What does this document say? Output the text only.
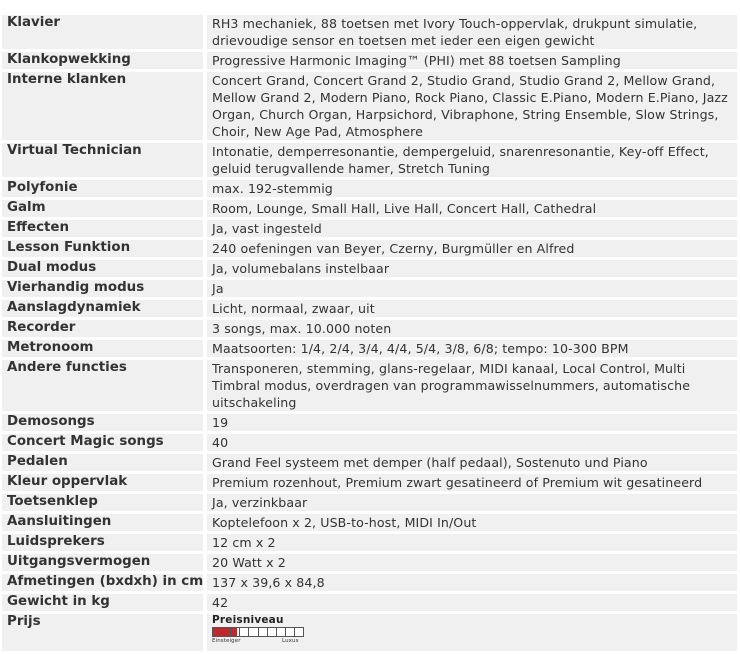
Klavier	RH3 mechaniek, 88 toetsen met Ivory Touch-oppervlak, drukpunt simulatie, drievoudige sensor en toetsen met ieder een eigen gewicht
Klankopwekking	Progressive Harmonic Imaging™ (PHI) met 88 toetsen Sampling
Interne klanken	Concert Grand, Concert Grand 2, Studio Grand, Studio Grand 2, Mellow Grand, Mellow Grand 2, Modern Piano, Rock Piano, Classic E.Piano, Modern E.Piano, Jazz Organ, Church Organ, Harpsichord, Vibraphone, String Ensemble, Slow Strings, Choir, New Age Pad, Atmosphere
Virtual Technician	Intonatie, demperresonantie, dempergeluid, snarenresonantie, Key-off Effect, geluid terugvallende hamer, Stretch Tuning
Polyfonie	max. 192-stemmig
Galm	Room, Lounge, Small Hall, Live Hall, Concert Hall, Cathedral
Effecten	Ja, vast ingesteld
Lesson Funktion	240 oefeningen van Beyer, Czerny, Burgmüller en Alfred
Dual modus	Ja, volumebalans instelbaar
Vierhandig modus	Ja
Aanslagdynamiek	Licht, normaal, zwaar, uit
Recorder	3 songs, max. 10.000 noten
Metronoom	Maatsoorten: 1/4, 2/4, 3/4, 4/4, 5/4, 3/8, 6/8; tempo: 10-300 BPM
Andere functies	Transponeren, stemming, glans-regelaar, MIDI kanaal, Local Control, Multi Timbral modus, overdragen van programmawisselnummers, automatische uitschakeling
Demosongs	19
Concert Magic songs	40
Pedalen	Grand Feel systeem met demper (half pedaal), Sostenuto und Piano
Kleur oppervlak	Premium rozenhout, Premium zwart gesatineerd of Premium wit gesatineerd
Toetsenklep	Ja, verzinkbaar
Aansluitingen	Koptelefoon x 2, USB-to-host, MIDI In/Out
Luidsprekers	12 cm x 2
Uitgangsvermogen	20 Watt x 2
Afmetingen (bxdxh) in cm	137 x 39,6 x 84,8
Gewicht in kg	42
Prijs	Preisniveau
Einsteiger Luxus
